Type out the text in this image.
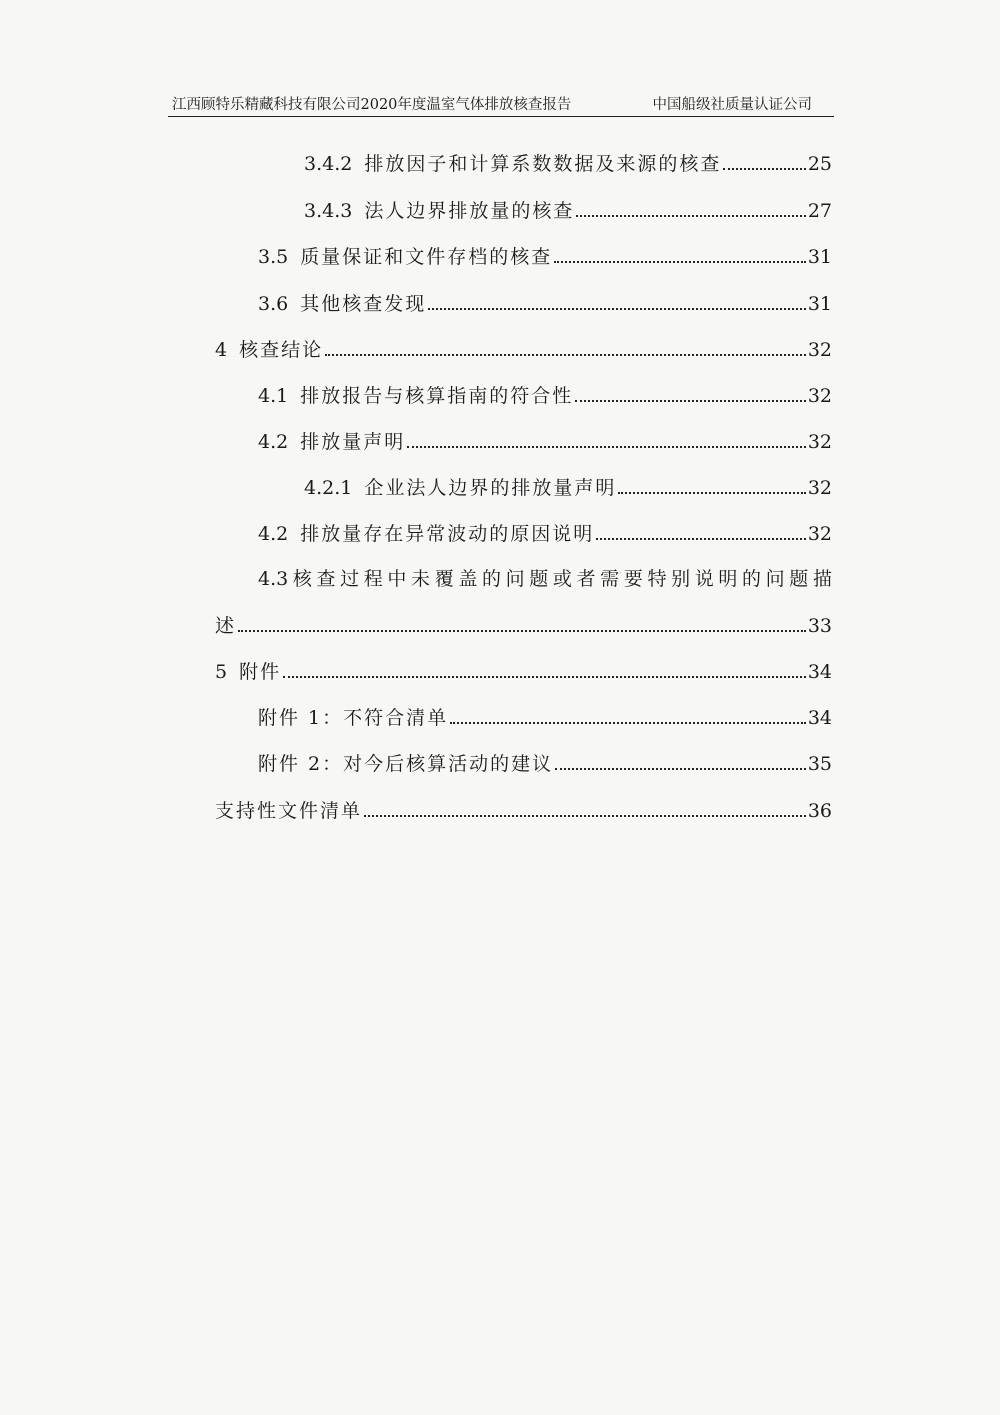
江西顾特乐精藏科技有限公司2020年度温室气体排放核查报告	中国船级社质量认证公司
3.4.2 排放因子和计算系数数据及来源的核查	25
3.4.3 法人边界排放量的核查	27
3.5 质量保证和文件存档的核查	31
3.6 其他核查发现	31
4 核查结论	32
4.1 排放报告与核算指南的符合性	32
4.2 排放量声明	32
4.2.1 企业法人边界的排放量声明	32
4.2 排放量存在异常波动的原因说明	32
4.3 核 查 过 程 中 未 覆 盖 的 问 题 或 者 需 要 特 别 说 明 的 问 题 描
述	33
5 附件	34
附件 1：不符合清单	34
附件 2：对今后核算活动的建议	35
支持性文件清单	36
